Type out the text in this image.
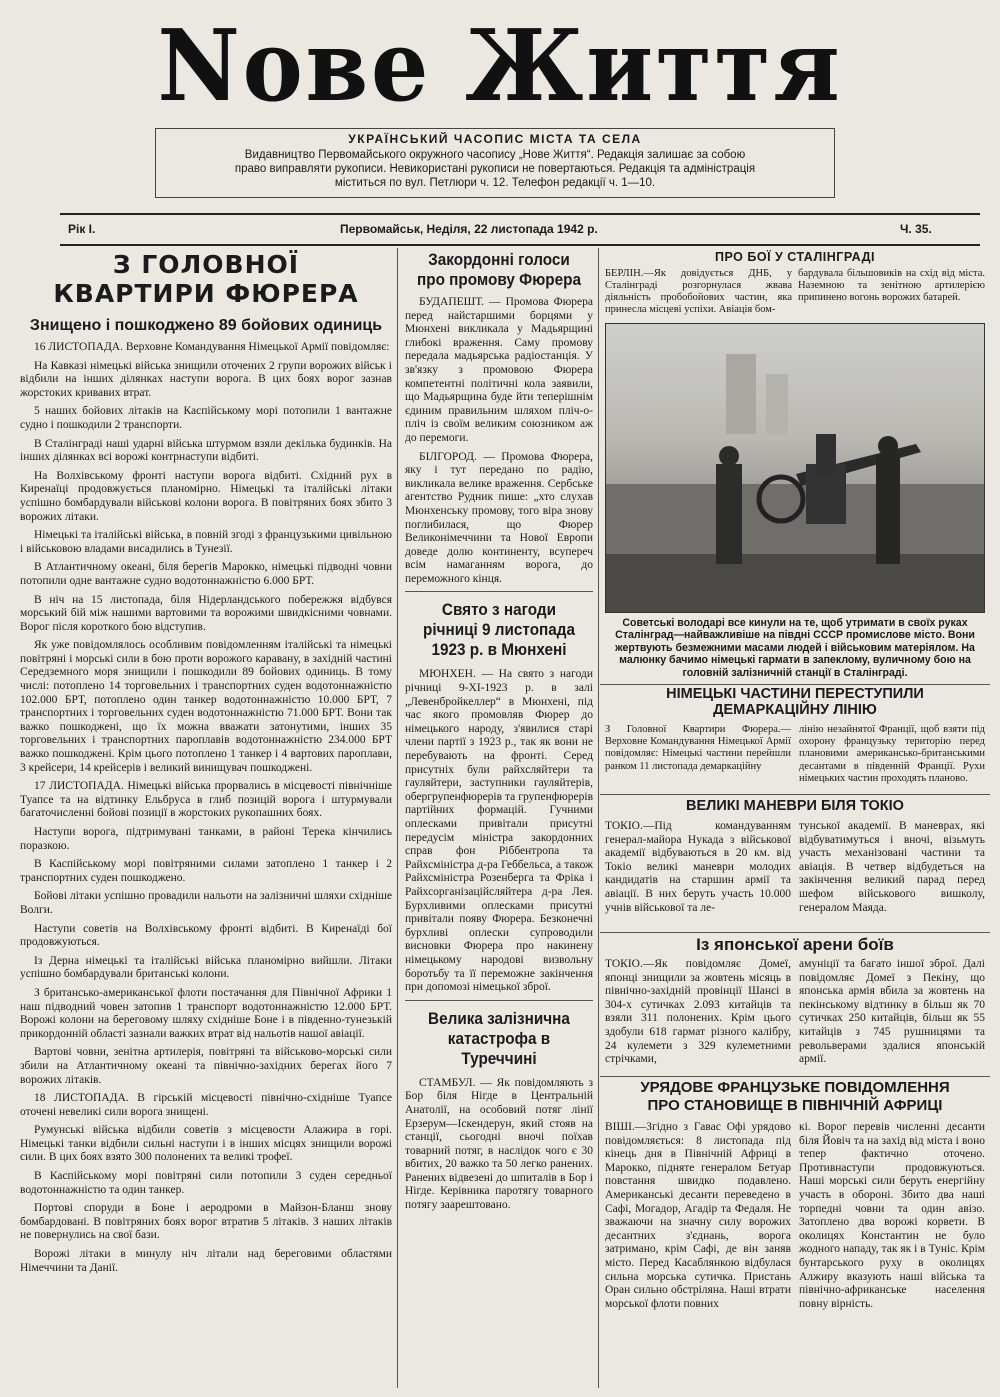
Nове Життя
УКРАЇНСЬКИЙ ЧАСОПИС МІСТА ТА СЕЛА
Видавництво Первомайського окружного часопису „Нове Життя“. Редакція залишає за собою
право виправляти рукописи. Невикористані рукописи не повертаються. Редакція та адміністрація
міститься по вул. Петлюри ч. 12. Телефон редакції ч. 1—10.
Рік І.	Первомайськ, Неділя, 22 листопада 1942 р.	Ч. 35.
З ГОЛОВНОЇ КВАРТИРИ ФЮРЕРА
Знищено і пошкоджено 89 бойових одиниць

16 ЛИСТОПАДА. Верховне Командування Німецької Армії повідомляє:

На Кавказі німецькі війська знищили оточених 2 групи ворожих військ і відбили на інших ділянках наступи ворога. В цих боях ворог зазнав жорстоких кривавих втрат.

5 наших бойових літаків на Каспійському морі потопили 1 вантажне судно і пошкодили 2 транспорти.

В Сталінграді наші ударні війська штурмом взяли декілька будинків. На інших ділянках всі ворожі контрнаступи відбиті.

На Волхівському фронті наступи ворога відбиті. Східний рух в Киренаїці продовжується планомірно. Німецькі та італійські літаки успішно бомбардували військові колони ворога. В повітряних боях збито 3 ворожих літаки.

Німецькі та італійські війська, в повній згоді з французькими цивільною і військовою владами висадились в Тунезії.

В Атлантичному океані, біля берегів Марокко, німецькі підводні човни потопили одне вантажне судно водотоннажністю 6.000 БРТ.

В ніч на 15 листопада, біля Нідерландського побережжя відбувся морський бій між нашими вартовими та ворожими швидкісними човнами. Ворог після короткого бою відступив.

Як уже повідомлялось особливим повідомленням італійські та німецькі повітряні і морські сили в бою проти ворожого каравану, в західній частині Середземного моря знищили і пошкодили 89 бойових одиниць. В тому числі: потоплено 14 торговельних і транспортних суден водотоннажністю 102.000 БРТ, потоплено один танкер водотоннажністю 10.000 БРТ, 7 транспортних і торговельних суден водотоннажністю 71.000 БРТ. Вони так важко пошкоджені, що їх можна вважати затонутими, інших 35 торговельних і транспортних пароплавів водотоннажністю 234.000 БРТ важко пошкоджені. Крім цього потоплено 1 танкер і 4 вартових пароплави, 3 крейсери, 14 крейсерів і великий винищувач пошкоджені.

17 ЛИСТОПАДА. Німецькі війська прорвались в місцевості північніше Туапсе та на відтинку Ельбруса в глиб позицій ворога і штурмували багаточисленні бойові позиції в жорстоких рукопашних боях.

Наступи ворога, підтримувані танками, в районі Терека кінчились поразкою.

В Каспійському морі повітряними силами затоплено 1 танкер і 2 транспортних суден пошкоджено.

Бойові літаки успішно провадили нальоти на залізничні шляхи східніше Волги.

Наступи советів на Волхівському фронті відбиті. В Киренаїді бої продовжуються.

Із Дерна німецькі та італійські війська планомірно вийшли. Літаки успішно бомбардували британські колони.

З британсько-американської флоти постачання для Північної Африки 1 наш підводний човен затопив 1 транспорт водотоннажністю 12.000 БРТ. Ворожі колони на береговому шляху східніше Боне і в південно-тунезькій прикордонній області зазнали важких втрат від нальотів нашої авіації.

Вартові човни, зенітна артилерія, повітряні та військово-морські сили збили на Атлантичному океані та північно-західних берегах його 7 ворожих літаків.

18 ЛИСТОПАДА. В гірській місцевості північно-східніше Туапсе оточені невеликі сили ворога знищені.

Румунські війська відбили советів з місцевости Алажира в горі. Німецькі танки відбили сильні наступи і в інших місцях знищили ворожі сили. В цих боях взято 300 полонених та великі трофеї.

В Каспійському морі повітряні сили потопили 3 суден середньої водотоннажністю та один танкер.

Портові споруди в Боне і аеродроми в Майзон-Бланш знову бомбардовані. В повітряних боях ворог втратив 5 літаків. З наших літаків не повернулись на свої бази.

Ворожі літаки в минулу ніч літали над береговими областями Німеччини та Данії.

Закордонні голоси про промову Фюрера

БУДАПЕШТ. — Промова Фюрера перед найстаршими борцями у Мюнхені викликала у Мадьярщині глибокі враження. Саму промову передала мадьярська радіостанція. У зв'язку з промовою Фюрера компетентні політичні кола заявили, що Мадьярщина буде йти теперішнім єдиним правильним шляхом пліч-о-пліч із своїм великим союзником аж до перемоги.

БІЛГОРОД. — Промова Фюрера, яку і тут передано по радію, викликала велике враження. Сербське агентство Рудник пише: „хто слухав Мюнхенську промову, того віра знову поглибилася, що Фюрер Великонімеччини та Нової Европи доведе долю континенту, всупереч всім намаганням ворога, до переможного кінця.

Свято з нагоди річниці 9 листопада 1923 р. в Мюнхені

МЮНХЕН. — На свято з нагоди річниці 9-XI-1923 р. в залі „Левенбройкеллер“ в Мюнхені, під час якого промовляв Фюрер до німецького народу, з'явилися старі члени партії з 1923 р., так як вони не перебувають на фронті. Серед присутніх були райхсляйтери та гауляйтери, заступники гауляйтерів, обергрупенфюрерів та групенфюрерів партійних формацій. Гучними оплесками привітали присутні передусім міністра закордонних справ фон Ріббентропа та Райхсміністра д-ра Геббельса, а також Райхсміністра Розенберга та Фріка і Райхсорганізаційсляйтера д-ра Лея. Бурхливими оплесками присутні привітали появу Фюрера. Безконечні бурхливі оплески супроводили висновки Фюрера про накинену німецькому народові визвольну боротьбу та її переможне закінчення при допомозі німецької зброї.

Велика залізнична катастрофа в Туреччині

СТАМБУЛ. — Як повідомляють з Бор біля Нігде в Центральній Анатолії, на особовий потяг лінії Ерзерум—Іскендерун, який стояв на станції, сьогодні вночі поїхав товарний потяг, в наслідок чого є 30 вбитих, 20 важко та 50 легко ранених. Ранених відвезені до шпиталів в Бор і Нігде. Керівника паротягу товарного потягу заарештовано.

ПРО БОЇ У СТАЛІНГРАДІ
БЕРЛІН.—Як довідується ДНБ, у Сталінграді розгорнулася жвава діяльність пробобойових частин, яка принесла місцеві успіхи. Авіація бом-
бардувала більшовиків на схід від міста. Наземною та зенітною артилерією припинено вогонь ворожих батарей.
Советські володарі все кинули на те, щоб утримати в своїх руках Сталінград—найважливіше на півдні СССР промислове місто. Вони жертвують безмежними масами людей і військовим матеріялом. На малюнку бачимо німецькі гармати в запеклому, вуличному бою на головній залізничній станції в Сталінграді.
НІМЕЦЬКІ ЧАСТИНИ ПЕРЕСТУПИЛИ ДЕМАРКАЦІЙНУ ЛІНІЮ
З Головної Квартири Фюрера.—Верховне Командування Німецької Армії повідомляє: Німецькі частини перейшли ранком 11 листопада демаркаційну
лінію незайнятої Франції, щоб взяти під охорону французьку територію перед плановими американсько-британськими десантами в південній Франції. Рухи німецьких частин проходять планово.
ВЕЛИКІ МАНЕВРИ БІЛЯ ТОКІО
ТОКІО.—Під командуванням генерал-майора Нукада з військової академії відбуваються в 20 км. від Токіо великі маневри молодих кандидатів на старшин армії та авіації. В них беруть участь 10.000 учнів військової та ле-
тунської академії. В маневрах, які відбуватимуться і вночі, візьмуть участь механізовані частини та авіація. В четвер відбудеться на закінчення великий парад перед шефом військового вишколу, генералом Маяда.
Із японської арени боїв
ТОКІО.—Як повідомляє Домеї, японці знищили за жовтень місяць в північно-західній провінції Шансі в 304-х сутичках 2.093 китайців та взяли 311 полонених. Крім цього здобули 618 гармат різного калібру, 24 кулемети з 329 кулеметними стрічками,
амуніції та багато іншої зброї. Далі повідомляє Домеї з Пекіну, що японська армія вбила за жовтень на пекінському відтинку в більш як 70 сутичках 250 китайців, більш як 55 китайців з 745 рушницями та револьверами здалися японській армії.
УРЯДОВЕ ФРАНЦУЗЬКЕ ПОВІДОМЛЕННЯ ПРО СТАНОВИЩЕ В ПІВНІЧНІЙ АФРИЦІ
ВІШІ.—Згідно з Гавас Офі урядово повідомляється: 8 листопада під кінець дня в Північній Африці в Марокко, підняте генералом Бетуар повстання швидко подавлено. Американські десанти переведено в Сафі, Могадор, Агадір та Федаля. Не зважаючи на значну силу ворожих десантних з'єднань, ворога затримано, крім Сафі, де він заняв місто. Перед Касаблянкою відбулася сильна морська сутичка. Пристань Оран сильно обстріляна. Наші втрати морської флоти повних
кі. Ворог перевів численні десанти біля Йовіч та на захід від міста і воно тепер фактично оточено. Противнаступи продовжуються. Наші морські сили беруть енергійну участь в обороні. Збито два наші торпедні човни та один авізо. Затоплено два ворожі корвети. В околицях Константин не було жодного нападу, так як і в Туніс. Крім бунтарського руху в околицях Алжиру вказують наші війська та північно-африканське населення повну вірність.
